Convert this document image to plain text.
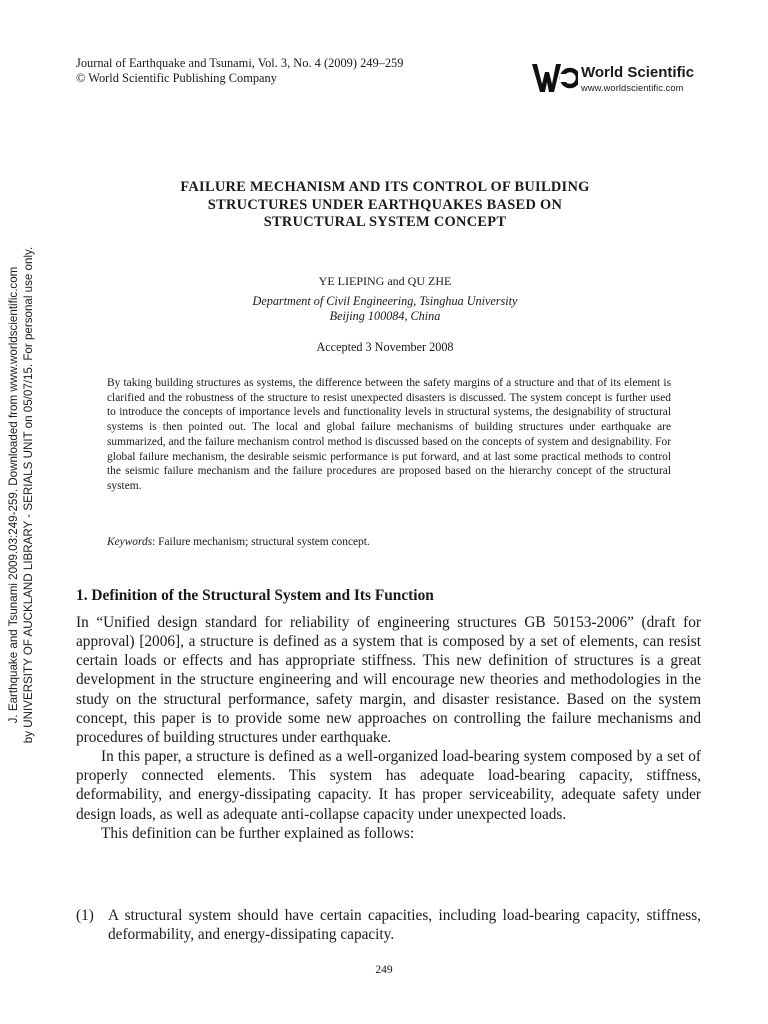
J. Earthquake and Tsunami 2009.03:249-259. Downloaded from www.worldscientific.com by UNIVERSITY OF AUCKLAND LIBRARY - SERIALS UNIT on 05/07/15. For personal use only.
Journal of Earthquake and Tsunami, Vol. 3, No. 4 (2009) 249–259
© World Scientific Publishing Company	World Scientific
www.worldscientific.com
FAILURE MECHANISM AND ITS CONTROL OF BUILDING
STRUCTURES UNDER EARTHQUAKES BASED ON
STRUCTURAL SYSTEM CONCEPT
YE LIEPING and QU ZHE
Department of Civil Engineering, Tsinghua University
Beijing 100084, China
Accepted 3 November 2008
By taking building structures as systems, the difference between the safety margins of a structure and that of its element is clarified and the robustness of the structure to resist unexpected disasters is discussed. The system concept is further used to introduce the concepts of importance levels and functionality levels in structural systems, the designability of structural systems is then pointed out. The local and global failure mechanisms of building structures under earthquake are summarized, and the failure mechanism control method is discussed based on the concepts of system and designability. For global failure mechanism, the desirable seismic performance is put forward, and at last some practical methods to control the seismic failure mechanism and the failure procedures are proposed based on the hierarchy concept of the structural system.
Keywords: Failure mechanism; structural system concept.
1. Definition of the Structural System and Its Function

In “Unified design standard for reliability of engineering structures GB 50153-2006” (draft for approval) [2006], a structure is defined as a system that is composed by a set of elements, can resist certain loads or effects and has appropriate stiffness. This new definition of structures is a great development in the structure engineering and will encourage new theories and methodologies in the study on the structural performance, safety margin, and disaster resistance. Based on the system concept, this paper is to provide some new approaches on controlling the failure mechanisms and procedures of building structures under earthquake.

In this paper, a structure is defined as a well-organized load-bearing system composed by a set of properly connected elements. This system has adequate load-bearing capacity, stiffness, deformability, and energy-dissipating capacity. It has proper serviceability, adequate safety under design loads, as well as adequate anti-collapse capacity under unexpected loads.

This definition can be further explained as follows:

(1) A structural system should have certain capacities, including load-bearing capacity, stiffness, deformability, and energy-dissipating capacity.
249
